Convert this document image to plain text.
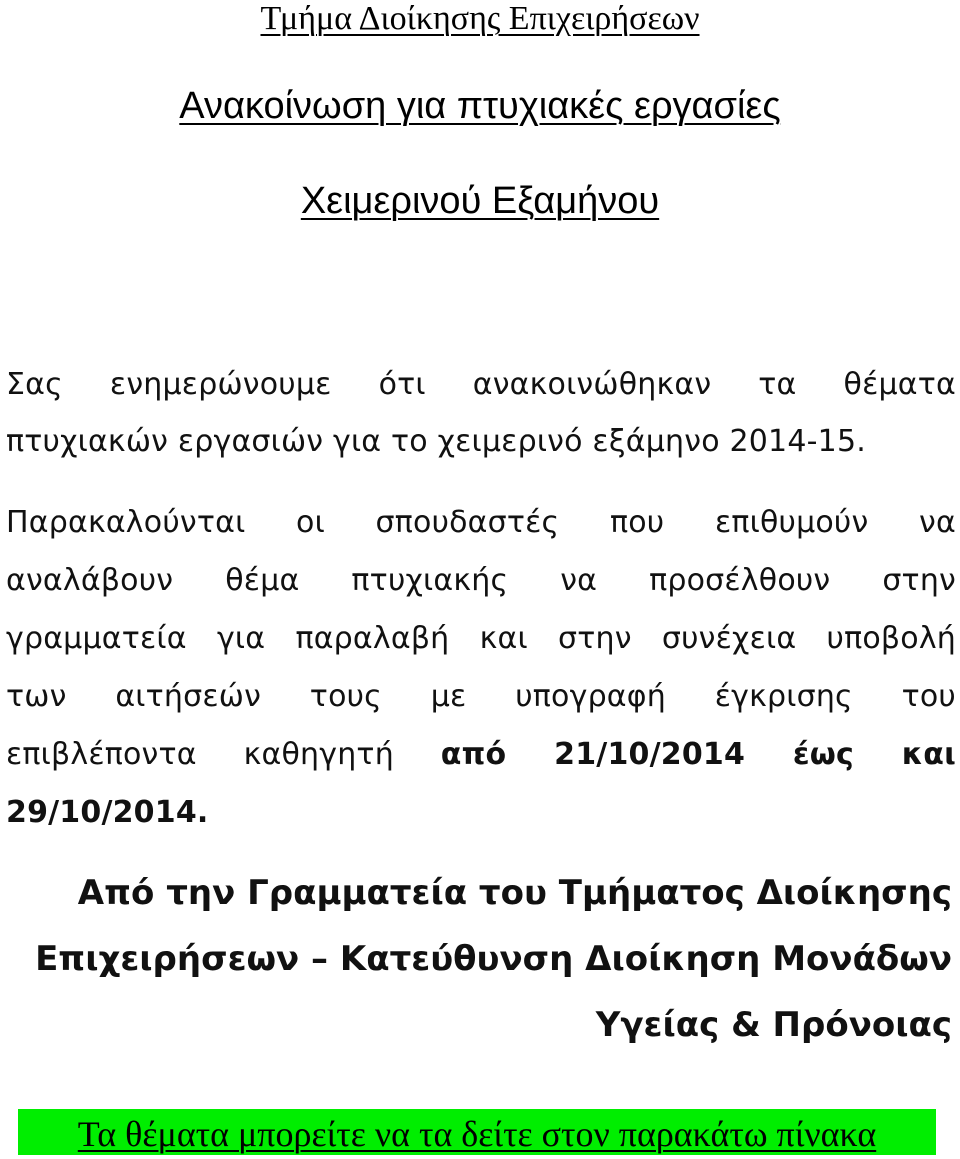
Τμήμα Διοίκησης Επιχειρήσεων
Ανακοίνωση για πτυχιακές εργασίες
Χειμερινού Εξαμήνου
Σας ενημερώνουμε ότι ανακοινώθηκαν τα θέματα
πτυχιακών εργασιών για το χειμερινό εξάμηνο 2014-15.
Παρακαλούνται οι σπουδαστές που επιθυμούν να
αναλάβουν θέμα πτυχιακής να προσέλθουν στην
γραμματεία για παραλαβή και στην συνέχεια υποβολή
των αιτήσεών τους με υπογραφή έγκρισης του
επιβλέποντα καθηγητή από 21/10/2014 έως και
29/10/2014.
Από την Γραμματεία του Τμήματος Διοίκησης
Επιχειρήσεων – Κατεύθυνση Διοίκηση Μονάδων
Υγείας & Πρόνοιας
Τα θέματα μπορείτε να τα δείτε στον παρακάτω πίνακα
